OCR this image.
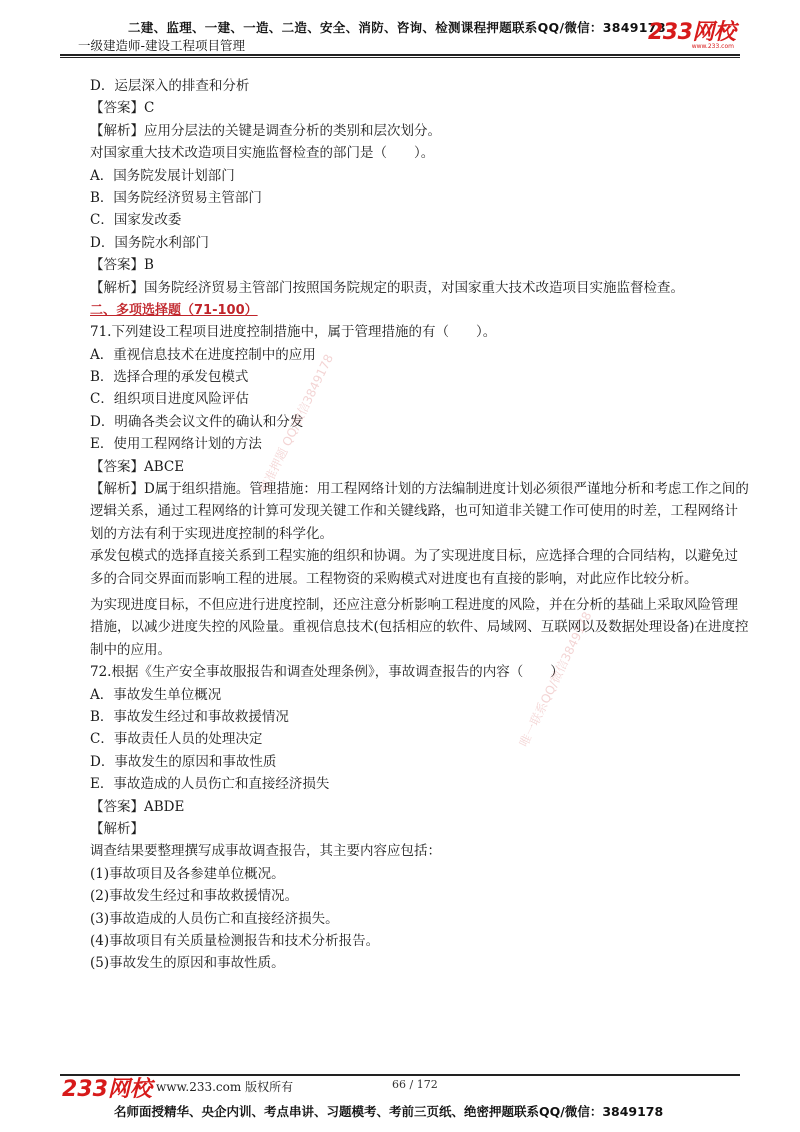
二建、监理、一建、一造、二造、安全、消防、咨询、检测课程押题联系QQ/微信：3849178
一级建造师-建设工程项目管理
233网校
www.233.com
D．运层深入的排查和分析
【答案】C
【解析】应用分层法的关键是调查分析的类别和层次划分。
对国家重大技术改造项目实施监督检查的部门是（　　）。
A．国务院发展计划部门
B．国务院经济贸易主管部门
C．国家发改委
D．国务院水利部门
【答案】B
【解析】国务院经济贸易主管部门按照国务院规定的职责，对国家重大技术改造项目实施监督检查。
二、多项选择题（71-100）
71.下列建设工程项目进度控制措施中，属于管理措施的有（　　）。
A．重视信息技术在进度控制中的应用
B．选择合理的承发包模式
C．组织项目进度风险评估
D．明确各类会议文件的确认和分发
E．使用工程网络计划的方法
【答案】ABCE
【解析】D属于组织措施。管理措施：用工程网络计划的方法编制进度计划必须很严谨地分析和考虑工作之间的逻辑关系，通过工程网络的计算可发现关键工作和关键线路，也可知道非关键工作可使用的时差，工程网络计划的方法有利于实现进度控制的科学化。
承发包模式的选择直接关系到工程实施的组织和协调。为了实现进度目标，应选择合理的合同结构，以避免过多的合同交界面而影响工程的进展。工程物资的采购模式对进度也有直接的影响，对此应作比较分析。
为实现进度目标，不但应进行进度控制，还应注意分析影响工程进度的风险，并在分析的基础上采取风险管理措施，以减少进度失控的风险量。重视信息技术(包括相应的软件、局域网、互联网以及数据处理设备)在进度控制中的应用。
72.根据《生产安全事故服报告和调查处理条例》，事故调查报告的内容（　　）
A．事故发生单位概况
B．事故发生经过和事故救援情况
C．事故责任人员的处理决定
D．事故发生的原因和事故性质
E．事故造成的人员伤亡和直接经济损失
【答案】ABDE
【解析】
调查结果要整理撰写成事故调查报告，其主要内容应包括：
(1)事故项目及各参建单位概况。
(2)事故发生经过和事故救援情况。
(3)事故造成的人员伤亡和直接经济损失。
(4)事故项目有关质量检测报告和技术分析报告。
(5)事故发生的原因和事故性质。
精准押题 QQ/微信3849178
唯一联系QQ/微信3849178
233网校 www.233.com 版权所有	66 / 172
名师面授精华、央企内训、考点串讲、习题模考、考前三页纸、绝密押题联系QQ/微信：3849178
